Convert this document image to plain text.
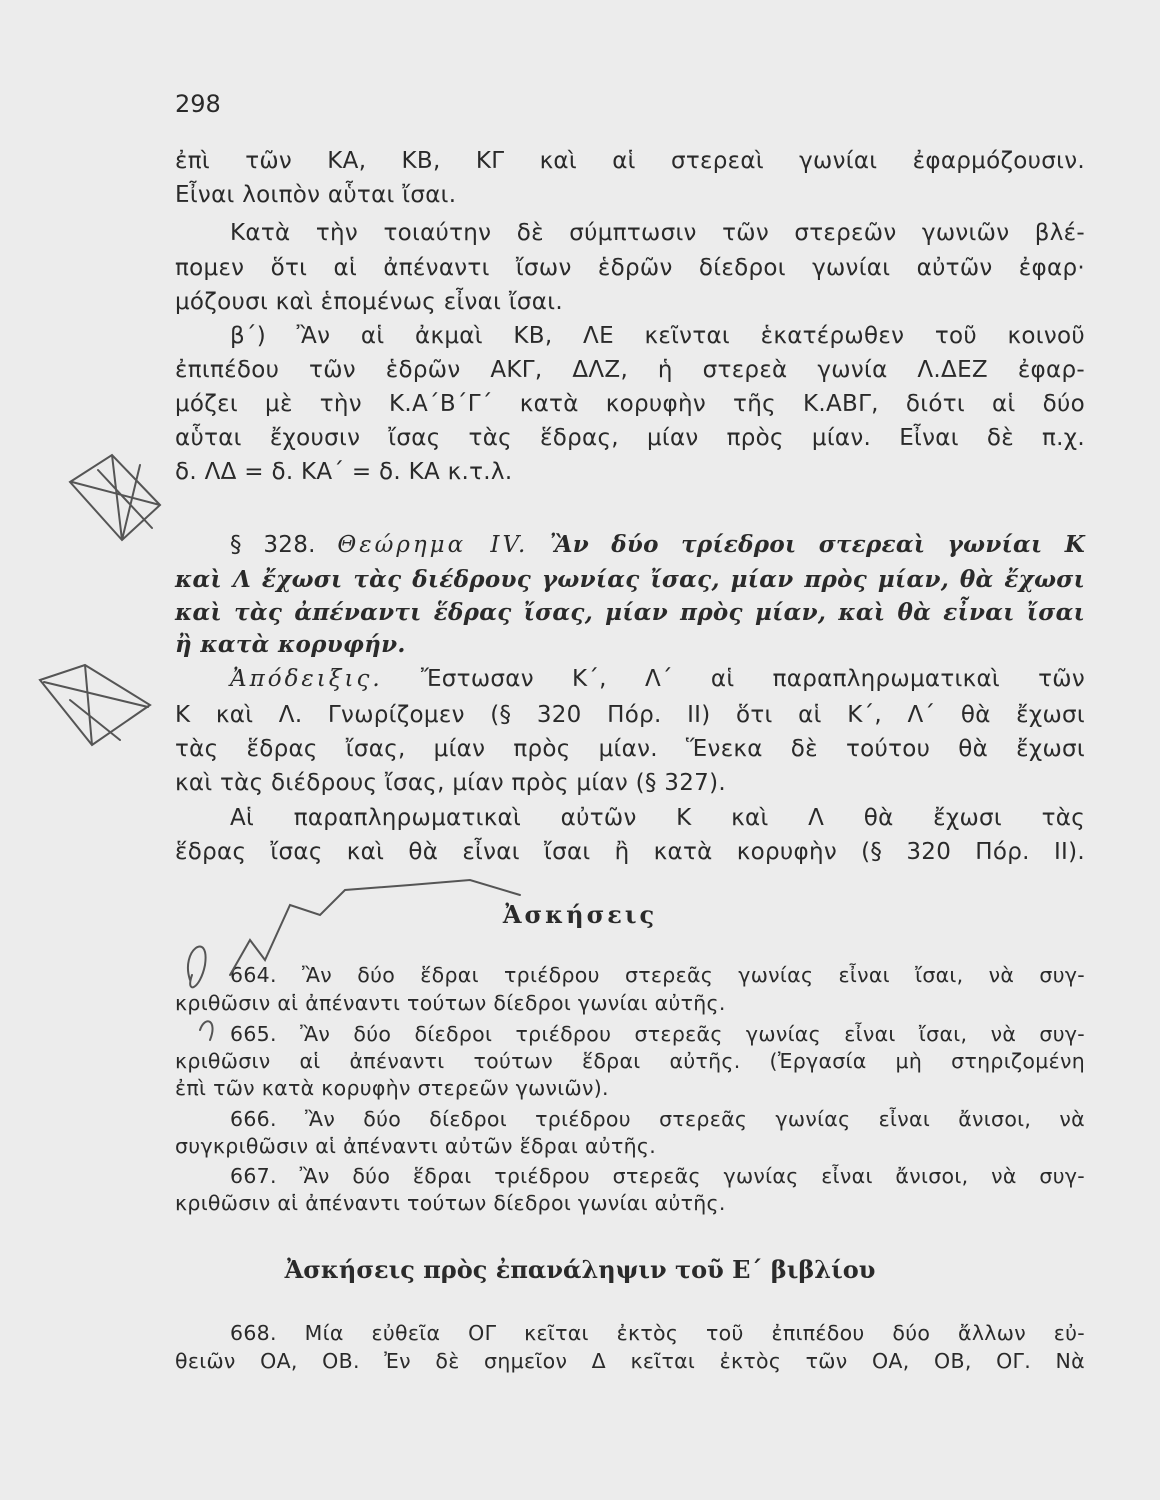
298
ἐπὶ τῶν ΚΑ, ΚΒ, ΚΓ καὶ αἱ στερεαὶ γωνίαι ἐφαρμόζουσιν.
Εἶναι λοιπὸν αὗται ἴσαι.
Κατὰ τὴν τοιαύτην δὲ σύμπτωσιν τῶν στερεῶν γωνιῶν βλέ-
πομεν ὅτι αἱ ἀπέναντι ἴσων ἑδρῶν δίεδροι γωνίαι αὐτῶν ἐφαρ·
μόζουσι καὶ ἑπομένως εἶναι ἴσαι.
β΄) Ἂν αἱ ἀκμαὶ ΚΒ, ΛΕ κεῖνται ἑκατέρωθεν τοῦ κοινοῦ
ἐπιπέδου τῶν ἑδρῶν ΑΚΓ, ΔΛΖ, ἡ στερεὰ γωνία Λ.ΔΕΖ ἐφαρ-
μόζει μὲ τὴν Κ.Α΄Β΄Γ΄ κατὰ κορυφὴν τῆς Κ.ΑΒΓ, διότι αἱ δύο
αὗται ἔχουσιν ἴσας τὰς ἕδρας, μίαν πρὸς μίαν. Εἶναι δὲ π.χ.
δ. ΛΔ = δ. ΚΑ΄ = δ. ΚΑ κ.τ.λ.
§ 328. Θεώρημα IV. Ἂν δύο τρίεδροι στερεαὶ γωνίαι Κ
καὶ Λ ἔχωσι τὰς διέδρους γωνίας ἴσας, μίαν πρὸς μίαν, θὰ ἔχωσι
καὶ τὰς ἀπέναντι ἕδρας ἴσας, μίαν πρὸς μίαν, καὶ θὰ εἶναι ἴσαι
ἢ κατὰ κορυφήν.
Ἀπόδειξις. Ἔστωσαν Κ΄, Λ΄ αἱ παραπληρωματικαὶ τῶν
Κ καὶ Λ. Γνωρίζομεν (§ 320 Πόρ. ΙΙ) ὅτι αἱ Κ΄, Λ΄ θὰ ἔχωσι
τὰς ἕδρας ἴσας, μίαν πρὸς μίαν. Ἕνεκα δὲ τούτου θὰ ἔχωσι
καὶ τὰς διέδρους ἴσας, μίαν πρὸς μίαν (§ 327).
Αἱ παραπληρωματικαὶ αὐτῶν Κ καὶ Λ θὰ ἔχωσι τὰς
ἕδρας ἴσας καὶ θὰ εἶναι ἴσαι ἢ κατὰ κορυφὴν (§ 320 Πόρ. ΙΙ).
Ἀσκήσεις
664. Ἂν δύο ἕδραι τριέδρου στερεᾶς γωνίας εἶναι ἴσαι, νὰ συγ-
κριθῶσιν αἱ ἀπέναντι τούτων δίεδροι γωνίαι αὐτῆς.
665. Ἂν δύο δίεδροι τριέδρου στερεᾶς γωνίας εἶναι ἴσαι, νὰ συγ-
κριθῶσιν αἱ ἀπέναντι τούτων ἕδραι αὐτῆς. (Ἐργασία μὴ στηριζομένη
ἐπὶ τῶν κατὰ κορυφὴν στερεῶν γωνιῶν).
666. Ἂν δύο δίεδροι τριέδρου στερεᾶς γωνίας εἶναι ἄνισοι, νὰ
συγκριθῶσιν αἱ ἀπέναντι αὐτῶν ἕδραι αὐτῆς.
667. Ἂν δύο ἕδραι τριέδρου στερεᾶς γωνίας εἶναι ἄνισοι, νὰ συγ-
κριθῶσιν αἱ ἀπέναντι τούτων δίεδροι γωνίαι αὐτῆς.
Ἀσκήσεις πρὸς ἐπανάληψιν τοῦ Ε΄ βιβλίου
668. Μία εὐθεῖα ΟΓ κεῖται ἐκτὸς τοῦ ἐπιπέδου δύο ἄλλων εὐ-
θειῶν ΟΑ, ΟΒ. Ἐν δὲ σημεῖον Δ κεῖται ἐκτὸς τῶν ΟΑ, ΟΒ, ΟΓ. Νὰ
